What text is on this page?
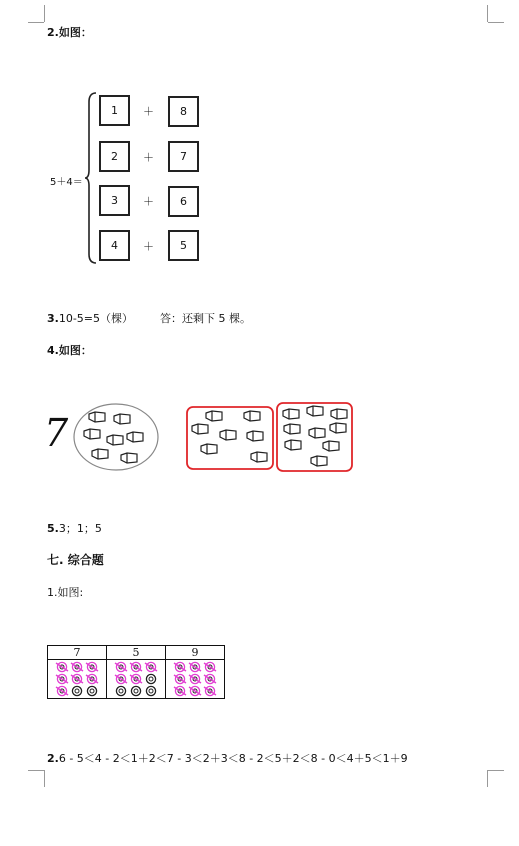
2.如图：
5＋4＝
1	＋	8
2	＋	7
3	＋	6
4	＋	5
3.10-5=5（棵） 答：还剩下 5 棵。
4.如图：
7
5.3；1；5
七. 综合题
1.如图:
7	5	9
2.6 - 5＜4 - 2＜1＋2＜7 - 3＜2＋3＜8 - 2＜5＋2＜8 - 0＜4＋5＜1＋9
